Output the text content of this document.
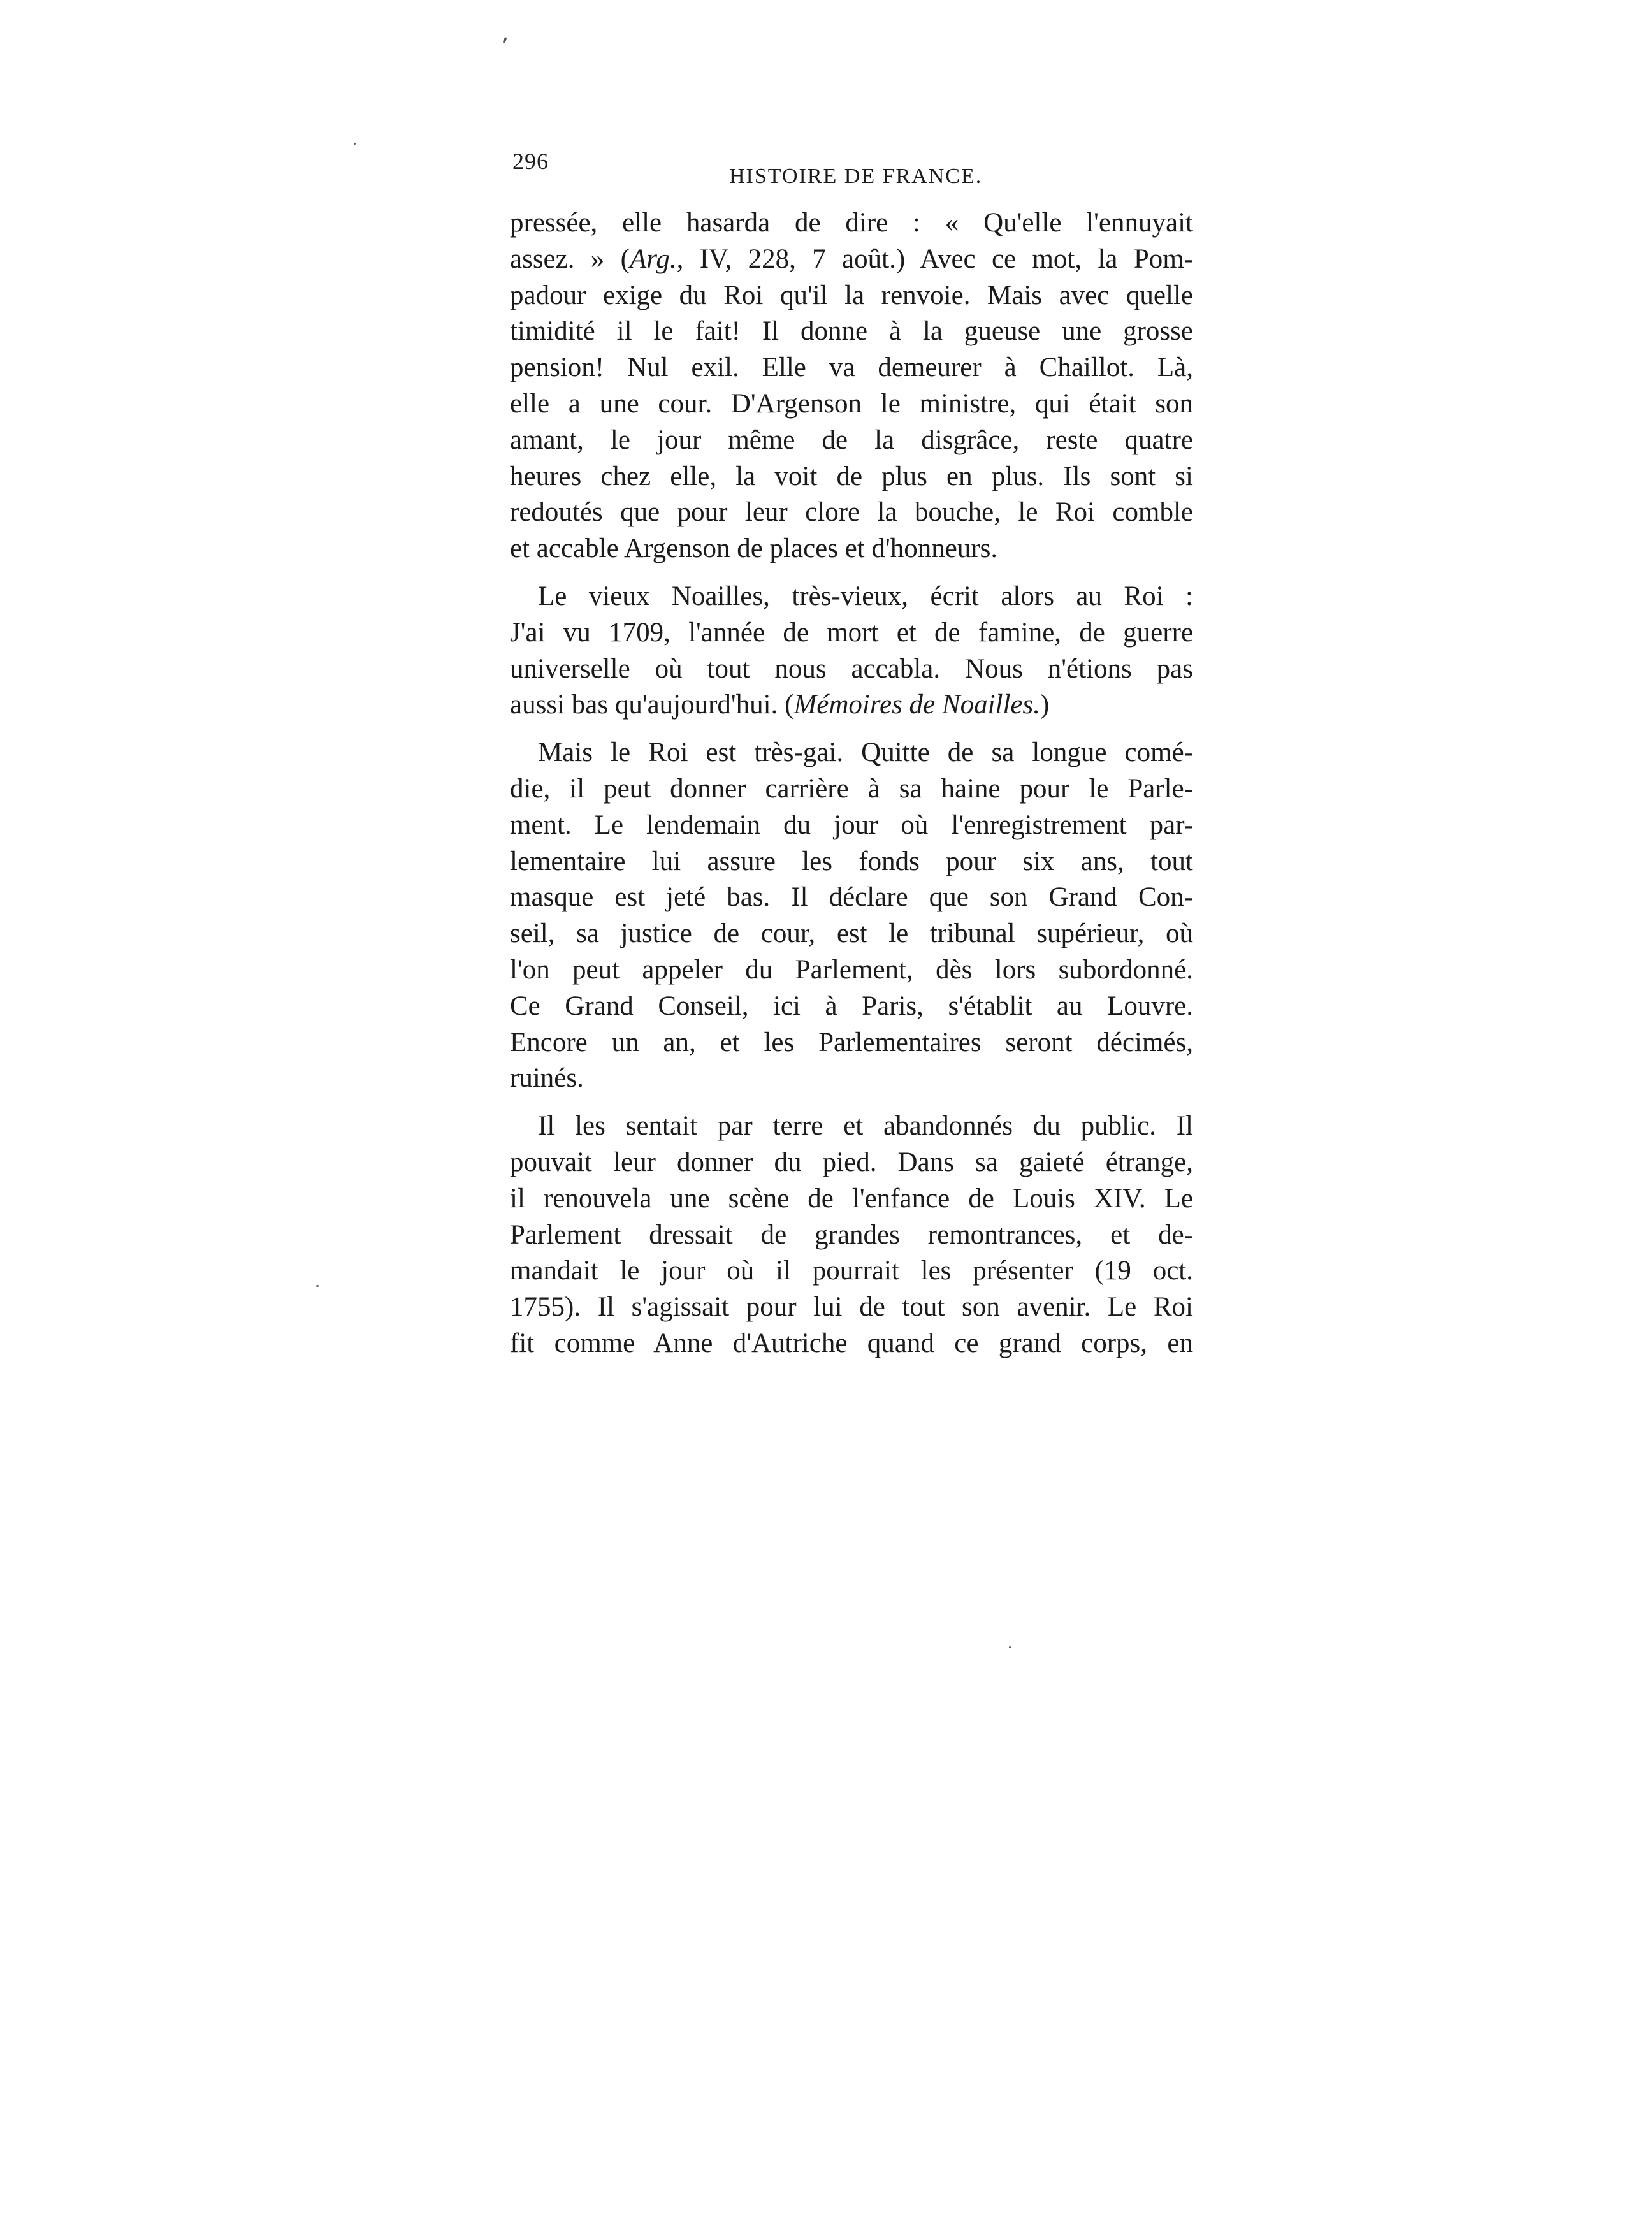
296
HISTOIRE DE FRANCE.

pressée, elle hasarda de dire : « Qu'elle l'ennuyait
assez. » (Arg., IV, 228, 7 août.) Avec ce mot, la Pom-
padour exige du Roi qu'il la renvoie. Mais avec quelle
timidité il le fait! Il donne à la gueuse une grosse
pension! Nul exil. Elle va demeurer à Chaillot. Là,
elle a une cour. D'Argenson le ministre, qui était son
amant, le jour même de la disgrâce, reste quatre
heures chez elle, la voit de plus en plus. Ils sont si
redoutés que pour leur clore la bouche, le Roi comble
et accable Argenson de places et d'honneurs.

Le vieux Noailles, très-vieux, écrit alors au Roi :
J'ai vu 1709, l'année de mort et de famine, de guerre
universelle où tout nous accabla. Nous n'étions pas
aussi bas qu'aujourd'hui. (Mémoires de Noailles.)

Mais le Roi est très-gai. Quitte de sa longue comé-
die, il peut donner carrière à sa haine pour le Parle-
ment. Le lendemain du jour où l'enregistrement par-
lementaire lui assure les fonds pour six ans, tout
masque est jeté bas. Il déclare que son Grand Con-
seil, sa justice de cour, est le tribunal supérieur, où
l'on peut appeler du Parlement, dès lors subordonné.
Ce Grand Conseil, ici à Paris, s'établit au Louvre.
Encore un an, et les Parlementaires seront décimés,
ruinés.

Il les sentait par terre et abandonnés du public. Il
pouvait leur donner du pied. Dans sa gaieté étrange,
il renouvela une scène de l'enfance de Louis XIV. Le
Parlement dressait de grandes remontrances, et de-
mandait le jour où il pourrait les présenter (19 oct.
1755). Il s'agissait pour lui de tout son avenir. Le Roi
fit comme Anne d'Autriche quand ce grand corps, en
